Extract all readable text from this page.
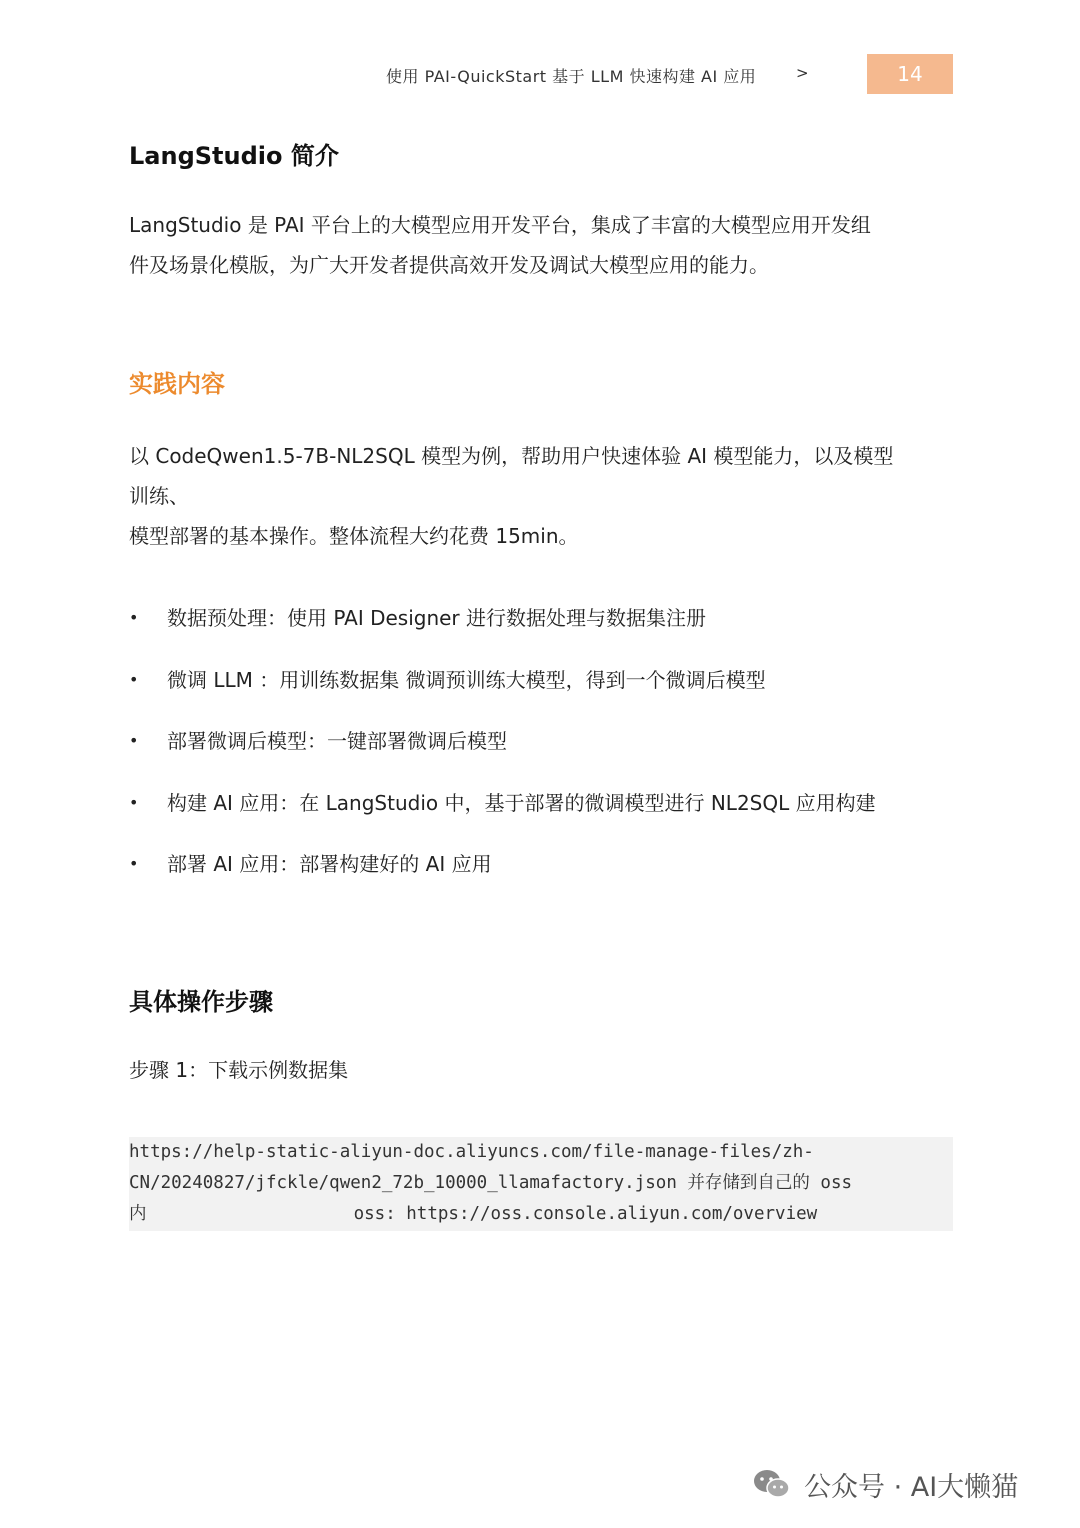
使用 PAI-QuickStart 基于 LLM 快速构建 AI 应用	>	14
LangStudio 简介
LangStudio 是 PAI 平台上的大模型应用开发平台，集成了丰富的大模型应用开发组
件及场景化模版，为广大开发者提供高效开发及调试大模型应用的能力。
实践内容
以 CodeQwen1.5-7B-NL2SQL 模型为例，帮助用户快速体验 AI 模型能力，以及模型
训练、
模型部署的基本操作。整体流程大约花费 15min。
• 数据预处理：使用 PAI Designer 进行数据处理与数据集注册
• 微调 LLM ：用训练数据集 微调预训练大模型，得到一个微调后模型
• 部署微调后模型：一键部署微调后模型
• 构建 AI 应用：在 LangStudio 中，基于部署的微调模型进行 NL2SQL 应用构建
• 部署 AI 应用：部署构建好的 AI 应用
具体操作步骤
步骤 1：下载示例数据集
https://help-static-aliyun-doc.aliyuncs.com/file-manage-files/zh-
CN/20240827/jfckle/qwen2_72b_10000_llamafactory.json 并存储到自己的 oss
内	oss: https://oss.console.aliyun.com/overview
公众号 · AI大懒猫
